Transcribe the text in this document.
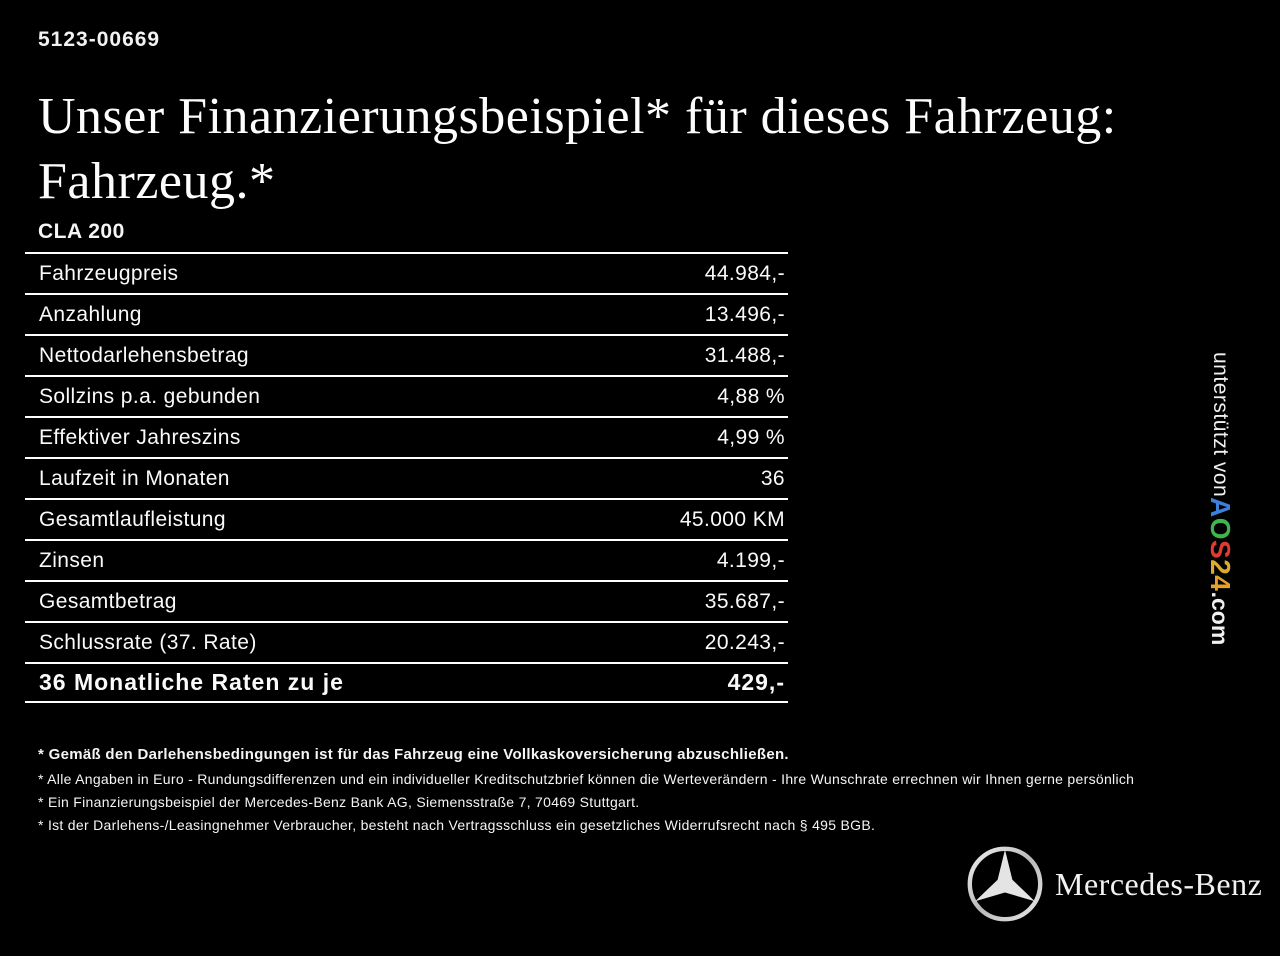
5123-00669
Unser Finanzierungsbeispiel* für dieses Fahrzeug:
Fahrzeug.*
CLA 200
Fahrzeugpreis	44.984,-
Anzahlung	13.496,-
Nettodarlehensbetrag	31.488,-
Sollzins p.a. gebunden	4,88 %
Effektiver Jahreszins	4,99 %
Laufzeit in Monaten	36
Gesamtlaufleistung	45.000 KM
Zinsen	4.199,-
Gesamtbetrag	35.687,-
Schlussrate (37. Rate)	20.243,-
36 Monatliche Raten zu je	429,-
* Gemäß den Darlehensbedingungen ist für das Fahrzeug eine Vollkaskoversicherung abzuschließen.
* Alle Angaben in Euro - Rundungsdifferenzen und ein individueller Kreditschutzbrief können die Werteverändern - Ihre Wunschrate errechnen wir Ihnen gerne persönlich
* Ein Finanzierungsbeispiel der Mercedes-Benz Bank AG, Siemensstraße 7, 70469 Stuttgart.
* Ist der Darlehens-/Leasingnehmer Verbraucher, besteht nach Vertragsschluss ein gesetzliches Widerrufsrecht nach § 495 BGB.
unterstützt vonAOS24.com
Mercedes-Benz
